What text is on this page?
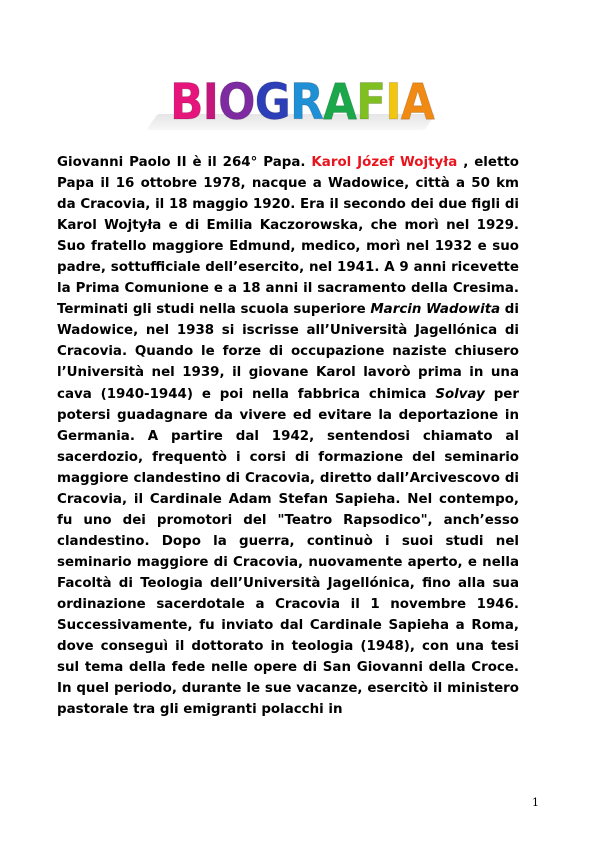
BIOGRAFIA

Giovanni Paolo II è il 264° Papa. Karol Józef Wojtyła , eletto Papa il 16 ottobre 1978, nacque a Wadowice, città a 50 km da Cracovia, il 18 maggio 1920. Era il secondo dei due figli di Karol Wojtyła e di Emilia Kaczorowska, che morì nel 1929. Suo fratello maggiore Edmund, medico, morì nel 1932 e suo padre, sottufficiale dell’esercito, nel 1941. A 9 anni ricevette la Prima Comunione e a 18 anni il sacramento della Cresima. Terminati gli studi nella scuola superiore Marcin Wadowita di Wadowice, nel 1938 si iscrisse all’Università Jagellónica di Cracovia. Quando le forze di occupazione naziste chiusero l’Università nel 1939, il giovane Karol lavorò prima in una cava (1940-1944) e poi nella fabbrica chimica Solvay per potersi guadagnare da vivere ed evitare la deportazione in Germania. A partire dal 1942, sentendosi chiamato al sacerdozio, frequentò i corsi di formazione del seminario maggiore clandestino di Cracovia, diretto dall’Arcivescovo di Cracovia, il Cardinale Adam Stefan Sapieha. Nel contempo, fu uno dei promotori del "Teatro Rapsodico", anch’esso clandestino. Dopo la guerra, continuò i suoi studi nel seminario maggiore di Cracovia, nuovamente aperto, e nella Facoltà di Teologia dell’Università Jagellónica, fino alla sua ordinazione sacerdotale a Cracovia il 1 novembre 1946. Successivamente, fu inviato dal Cardinale Sapieha a Roma, dove conseguì il dottorato in teologia (1948), con una tesi sul tema della fede nelle opere di San Giovanni della Croce. In quel periodo, durante le sue vacanze, esercitò il ministero pastorale tra gli emigranti polacchi in

1
